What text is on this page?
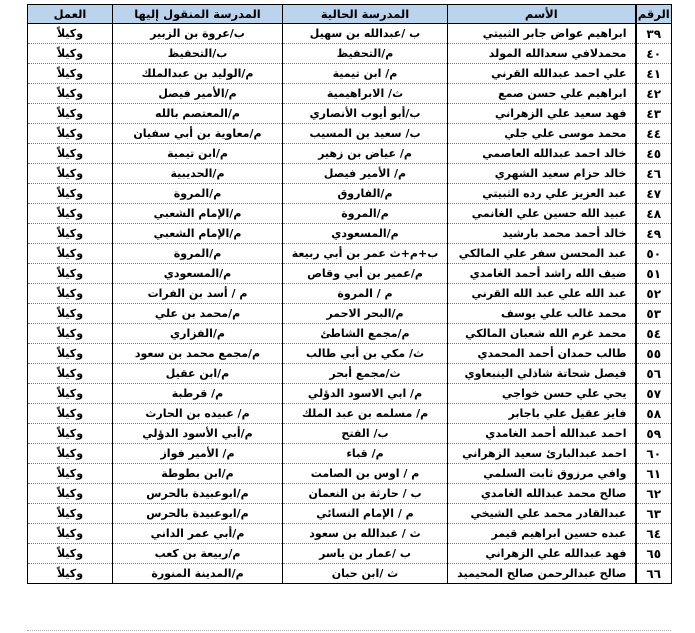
الرقم	الأسم	المدرسة الحالية	المدرسة المنقول إليها	العمل
٣٩	ابراهيم عواض جابر الثبيتي	ب /عبدالله بن سهيل	ب/عروة بن الزبير	وكيلاً
٤٠	محمدلافي سعدالله المولد	م/التحفيظ	ب/التحفيظ	وكيلاً
٤١	علي احمد عبدالله القرني	م/ ابن تيمية	م/الوليد بن عبدالملك	وكيلاً
٤٢	ابراهيم علي حسن صمع	ث/ الابراهيمية	م/الأمير فيصل	وكيلاً
٤٣	فهد سعيد علي الزهراني	ب/أبو أيوب الأنصاري	م/المعتصم بالله	وكيلاً
٤٤	محمد موسى علي جلي	ب/ سعيد بن المسيب	م/معاوية بن أبي سفيان	وكيلاً
٤٥	خالد احمد عبدالله العاصمي	م/ عياض بن زهير	م/ابن تيمية	وكيلاً
٤٦	خالد حزام سعيد الشهري	م/ الأمير فيصل	م/الحديبية	وكيلاً
٤٧	عبد العزيز علي رده الثبيتي	م/الفاروق	م/المروة	وكيلاً
٤٨	عبيد الله حسين علي الغانمي	م/المروة	م/الإمام الشعبي	وكيلاً
٤٩	خالد أحمد محمد بارشيد	م/المسعودي	م/الإمام الشعبي	وكيلاً
٥٠	عبد المحسن سفر علي المالكي	ب+م+ث عمر بن أبي ربيعة	م/المروة	وكيلاً
٥١	ضيف الله راشد أحمد الغامدي	م/عمير بن أبي وقاص	م/المسعودي	وكيلاً
٥٢	عبد الله علي عبد الله القرني	م / المروة	م / أسد بن الفرات	وكيلاً
٥٣	محمد غالب علي يوسف	م/البحر الاحمر	م/محمد بن علي	وكيلاً
٥٤	محمد غرم الله شعبان المالكي	م/مجمع الشاطئ	م/الفزاري	وكيلاً
٥٥	طالب حمدان أحمد المحمدي	ث/ مكي بن أبي طالب	م/مجمع محمد بن سعود	وكيلاً
٥٦	فيصل شحاتة شاذلي الينبعاوي	ث/مجمع أبحر	م/ابن عقيل	وكيلاً
٥٧	يحي علي حسن خواجي	م/ ابي الاسود الدؤلي	م/ قرطبة	وكيلاً
٥٨	فايز عقيل علي باجابر	م/ مسلمه بن عبد الملك	م/ عبيده بن الحارث	وكيلاً
٥٩	احمد عبدالله أحمد الغامدي	ب/ الفتح	م/أبي الأسود الدؤلي	وكيلاً
٦٠	احمد عبدالبارئ سعيد الزهراني	م/ قباء	م/ الأمير فواز	وكيلاً
٦١	وافي مرزوق ثابت السلمي	م / اوس بن الصامت	م/ابن بطوطة	وكيلاً
٦٢	صالح محمد عبدالله الغامدي	ب / حارثة بن النعمان	م/ابوعبيدة بالحرس	وكيلاً
٦٣	عبدالقادر محمد علي الشيخي	م / الإمام النسائي	م/ابوعبيدة بالحرس	وكيلاً
٦٤	عبده حسين ابراهيم قيمر	ث / عبدالله بن سعود	م/أبي عمر الداني	وكيلاً
٦٥	فهد عبدالله علي الزهراني	ب /عمار بن ياسر	م/ربيعة بن كعب	وكيلاً
٦٦	صالح عبدالرحمن صالح المحيميد	ث /ابن حبان	م/المدينة المنورة	وكيلاً
